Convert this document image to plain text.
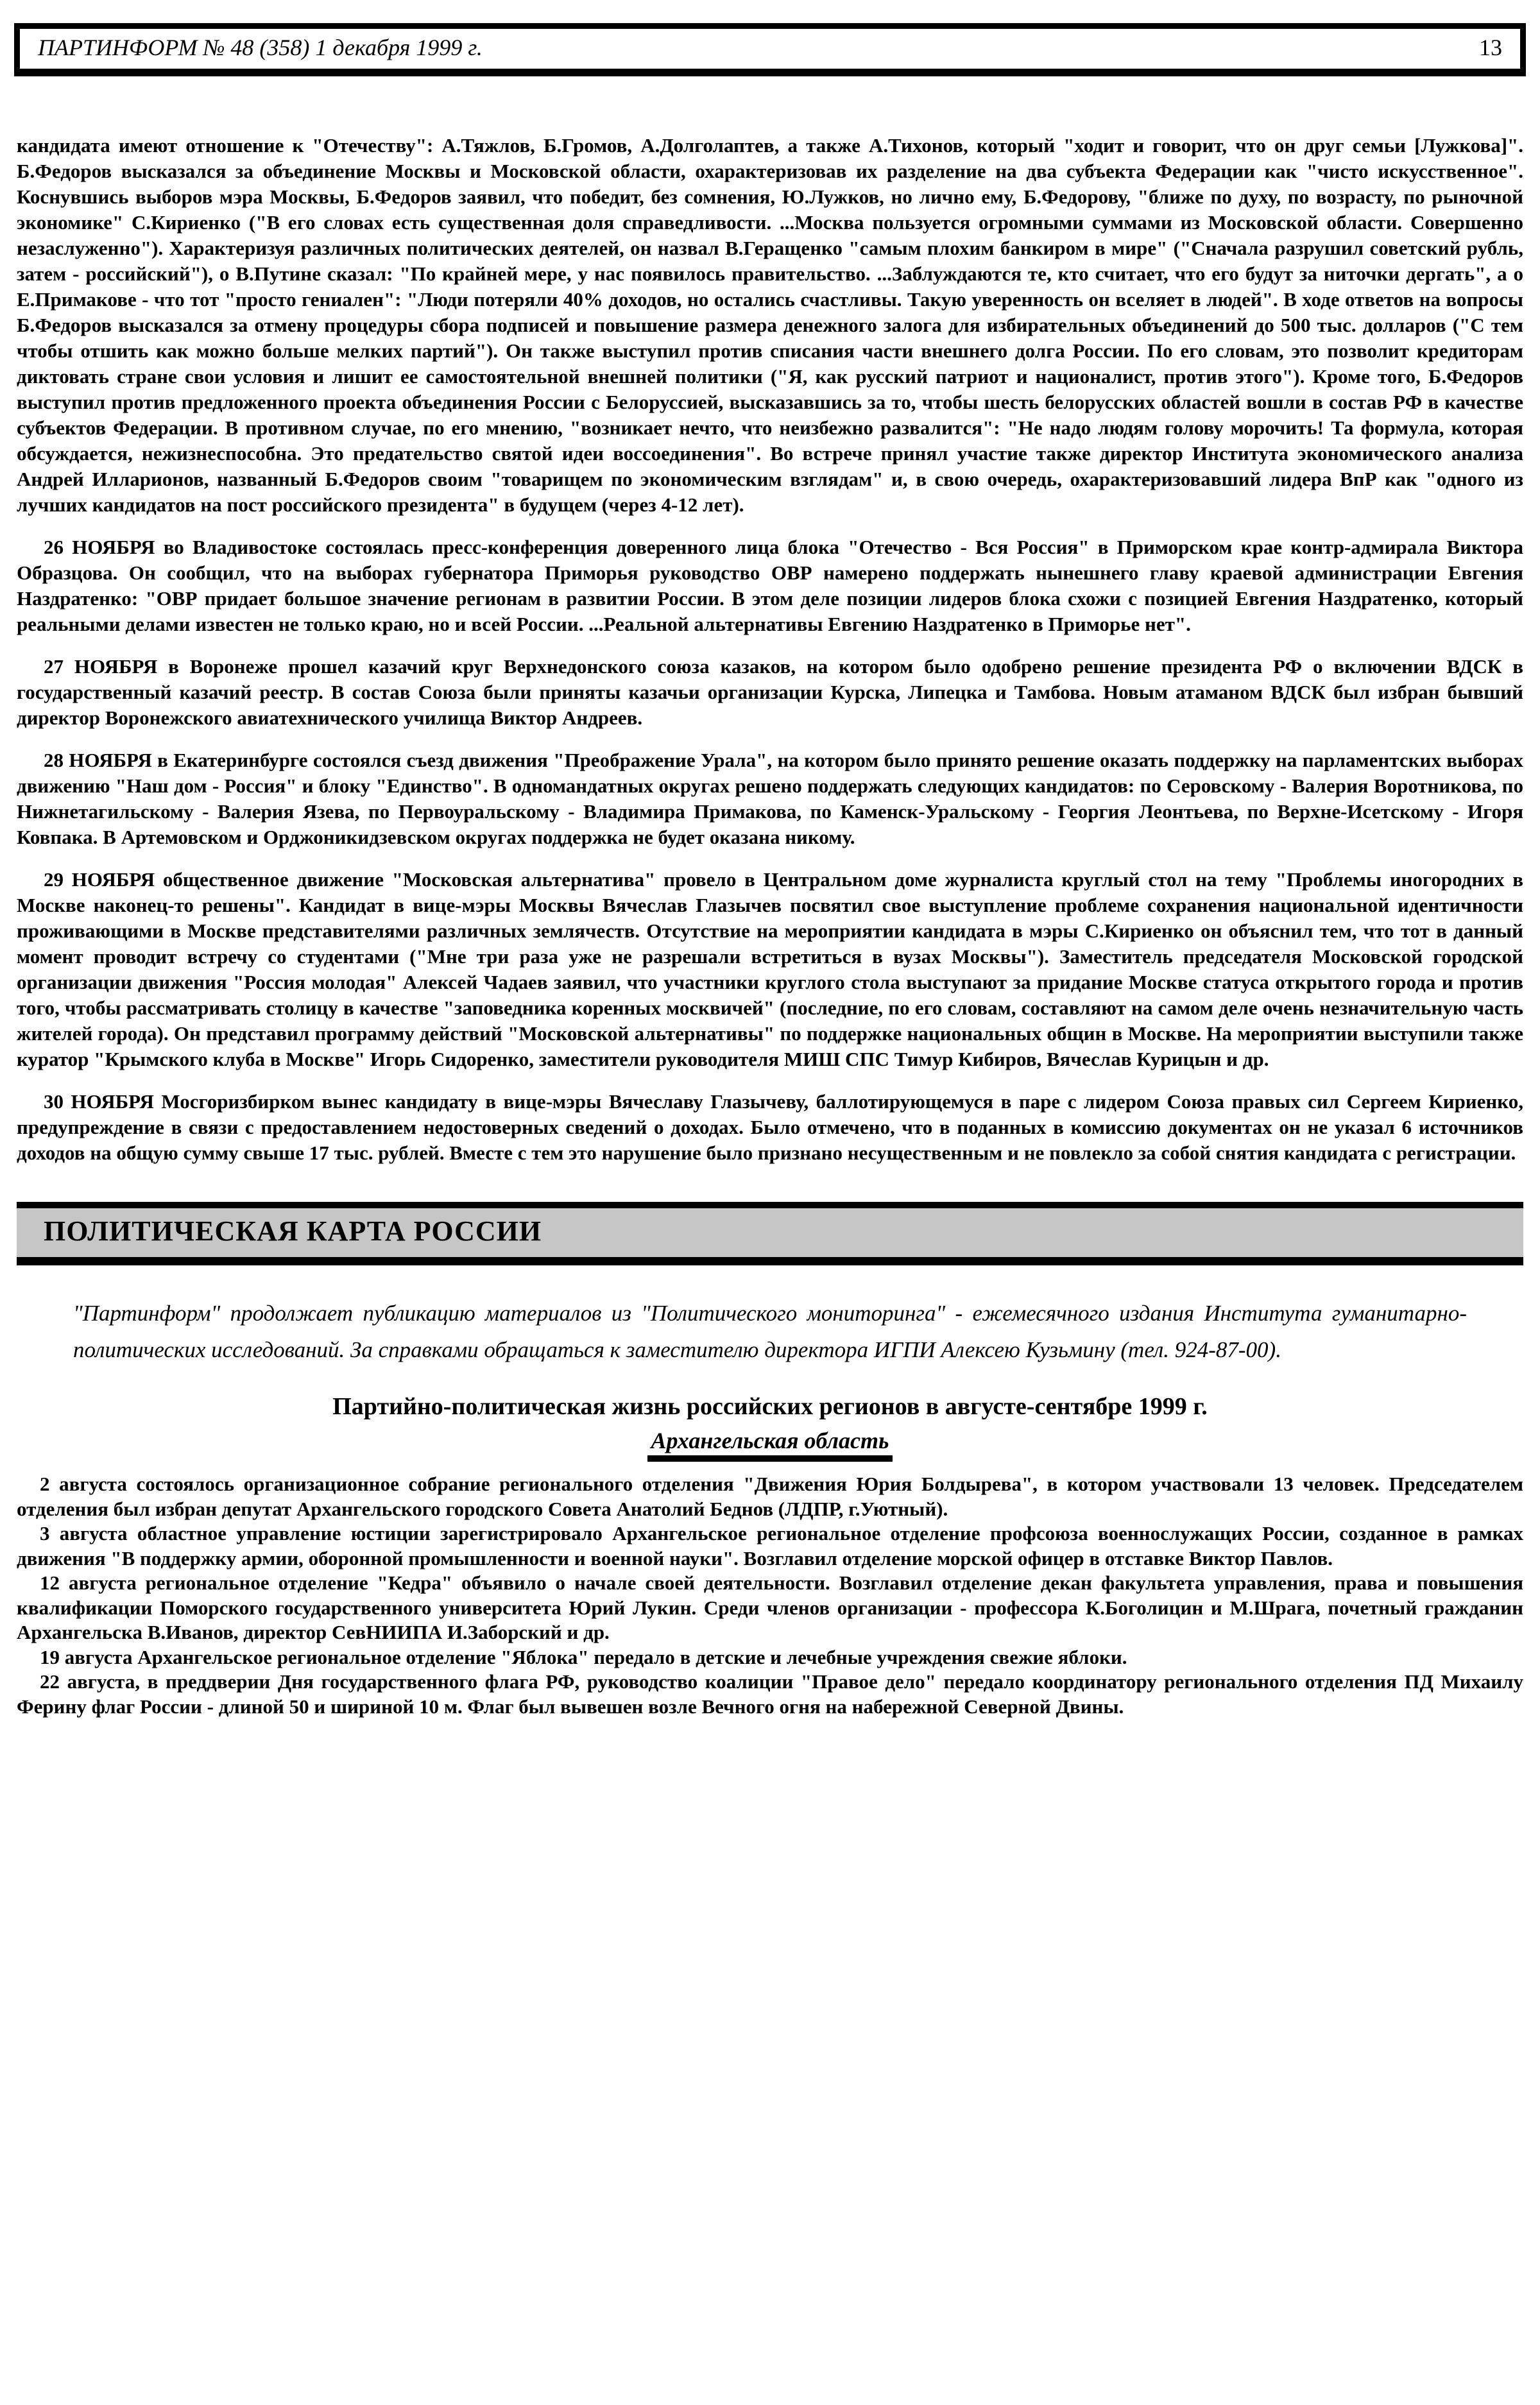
ПАРТИНФОРМ № 48 (358) 1 декабря 1999 г.	13

кандидата имеют отношение к "Отечеству": А.Тяжлов, Б.Громов, А.Долголаптев, а также А.Тихонов, который "ходит и говорит, что он друг семьи [Лужкова]". Б.Федоров высказался за объединение Москвы и Московской области, охарактеризовав их разделение на два субъекта Федерации как "чисто искусственное". Коснувшись выборов мэра Москвы, Б.Федоров заявил, что победит, без сомнения, Ю.Лужков, но лично ему, Б.Федорову, "ближе по духу, по возрасту, по рыночной экономике" С.Кириенко ("В его словах есть существенная доля справедливости. ...Москва пользуется огромными суммами из Московской области. Совершенно незаслуженно"). Характеризуя различных политических деятелей, он назвал В.Геращенко "самым плохим банкиром в мире" ("Сначала разрушил советский рубль, затем - российский"), о В.Путине сказал: "По крайней мере, у нас появилось правительство. ...Заблуждаются те, кто считает, что его будут за ниточки дергать", а о Е.Примакове - что тот "просто гениален": "Люди потеряли 40% доходов, но остались счастливы. Такую уверенность он вселяет в людей". В ходе ответов на вопросы Б.Федоров высказался за отмену процедуры сбора подписей и повышение размера денежного залога для избирательных объединений до 500 тыс. долларов ("С тем чтобы отшить как можно больше мелких партий"). Он также выступил против списания части внешнего долга России. По его словам, это позволит кредиторам диктовать стране свои условия и лишит ее самостоятельной внешней политики ("Я, как русский патриот и националист, против этого"). Кроме того, Б.Федоров выступил против предложенного проекта объединения России с Белоруссией, высказавшись за то, чтобы шесть белорусских областей вошли в состав РФ в качестве субъектов Федерации. В противном случае, по его мнению, "возникает нечто, что неизбежно развалится": "Не надо людям голову морочить! Та формула, которая обсуждается, нежизнеспособна. Это предательство святой идеи воссоединения". Во встрече принял участие также директор Института экономического анализа Андрей Илларионов, названный Б.Федоров своим "товарищем по экономическим взглядам" и, в свою очередь, охарактеризовавший лидера ВпР как "одного из лучших кандидатов на пост российского президента" в будущем (через 4-12 лет).

26 НОЯБРЯ во Владивостоке состоялась пресс-конференция доверенного лица блока "Отечество - Вся Россия" в Приморском крае контр-адмирала Виктора Образцова. Он сообщил, что на выборах губернатора Приморья руководство ОВР намерено поддержать нынешнего главу краевой администрации Евгения Наздратенко: "ОВР придает большое значение регионам в развитии России. В этом деле позиции лидеров блока схожи с позицией Евгения Наздратенко, который реальными делами известен не только краю, но и всей России. ...Реальной альтернативы Евгению Наздратенко в Приморье нет".

27 НОЯБРЯ в Воронеже прошел казачий круг Верхнедонского союза казаков, на котором было одобрено решение президента РФ о включении ВДСК в государственный казачий реестр. В состав Союза были приняты казачьи организации Курска, Липецка и Тамбова. Новым атаманом ВДСК был избран бывший директор Воронежского авиатехнического училища Виктор Андреев.

28 НОЯБРЯ в Екатеринбурге состоялся съезд движения "Преображение Урала", на котором было принято решение оказать поддержку на парламентских выборах движению "Наш дом - Россия" и блоку "Единство". В одномандатных округах решено поддержать следующих кандидатов: по Серовскому - Валерия Воротникова, по Нижнетагильскому - Валерия Язева, по Первоуральскому - Владимира Примакова, по Каменск-Уральскому - Георгия Леонтьева, по Верхне-Исетскому - Игоря Ковпака. В Артемовском и Орджоникидзевском округах поддержка не будет оказана никому.

29 НОЯБРЯ общественное движение "Московская альтернатива" провело в Центральном доме журналиста круглый стол на тему "Проблемы иногородних в Москве наконец-то решены". Кандидат в вице-мэры Москвы Вячеслав Глазычев посвятил свое выступление проблеме сохранения национальной идентичности проживающими в Москве представителями различных землячеств. Отсутствие на мероприятии кандидата в мэры С.Кириенко он объяснил тем, что тот в данный момент проводит встречу со студентами ("Мне три раза уже не разрешали встретиться в вузах Москвы"). Заместитель председателя Московской городской организации движения "Россия молодая" Алексей Чадаев заявил, что участники круглого стола выступают за придание Москве статуса открытого города и против того, чтобы рассматривать столицу в качестве "заповедника коренных москвичей" (последние, по его словам, составляют на самом деле очень незначительную часть жителей города). Он представил программу действий "Московской альтернативы" по поддержке национальных общин в Москве. На мероприятии выступили также куратор "Крымского клуба в Москве" Игорь Сидоренко, заместители руководителя МИШ СПС Тимур Кибиров, Вячеслав Курицын и др.

30 НОЯБРЯ Мосгоризбирком вынес кандидату в вице-мэры Вячеславу Глазычеву, баллотирующемуся в паре с лидером Союза правых сил Сергеем Кириенко, предупреждение в связи с предоставлением недостоверных сведений о доходах. Было отмечено, что в поданных в комиссию документах он не указал 6 источников доходов на общую сумму свыше 17 тыс. рублей. Вместе с тем это нарушение было признано несущественным и не повлекло за собой снятия кандидата с регистрации.

ПОЛИТИЧЕСКАЯ КАРТА РОССИИ

"Партинформ" продолжает публикацию материалов из "Политического мониторинга" - ежемесячного издания Института гуманитарно-политических исследований. За справками обращаться к заместителю директора ИГПИ Алексею Кузьмину (тел. 924-87-00).

Партийно-политическая жизнь российских регионов в августе-сентябре 1999 г.
Архангельская область

2 августа состоялось организационное собрание регионального отделения "Движения Юрия Болдырева", в котором участвовали 13 человек. Председателем отделения был избран депутат Архангельского городского Совета Анатолий Беднов (ЛДПР, г.Уютный).

3 августа областное управление юстиции зарегистрировало Архангельское региональное отделение профсоюза военнослужащих России, созданное в рамках движения "В поддержку армии, оборонной промышленности и военной науки". Возглавил отделение морской офицер в отставке Виктор Павлов.

12 августа региональное отделение "Кедра" объявило о начале своей деятельности. Возглавил отделение декан факультета управления, права и повышения квалификации Поморского государственного университета Юрий Лукин. Среди членов организации - профессора К.Боголицин и М.Шрага, почетный гражданин Архангельска В.Иванов, директор СевНИИПА И.Заборский и др.

19 августа Архангельское региональное отделение "Яблока" передало в детские и лечебные учреждения свежие яблоки.

22 августа, в преддверии Дня государственного флага РФ, руководство коалиции "Правое дело" передало координатору регионального отделения ПД Михаилу Ферину флаг России - длиной 50 и шириной 10 м. Флаг был вывешен возле Вечного огня на набережной Северной Двины.
